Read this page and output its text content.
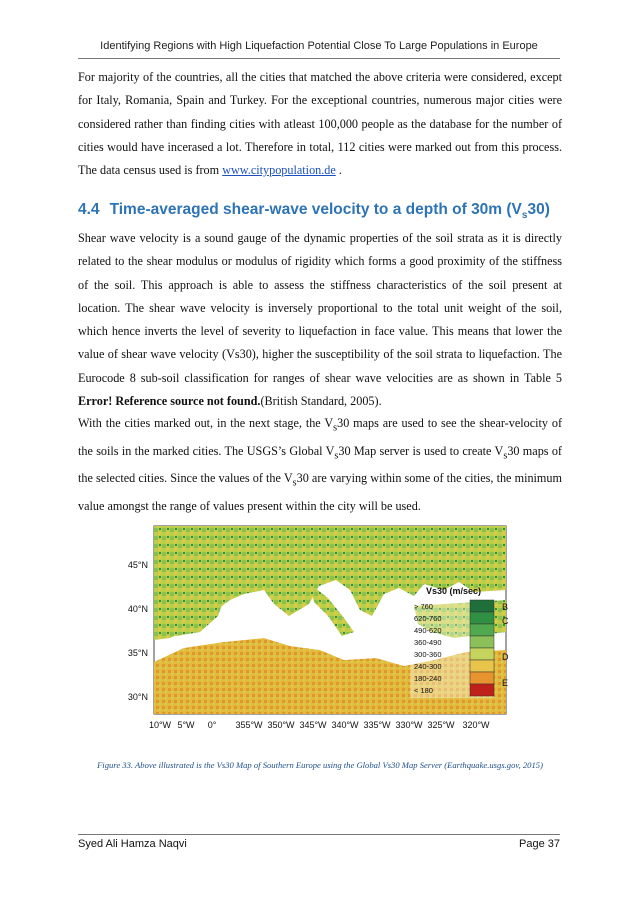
Identifying Regions with High Liquefaction Potential Close To Large Populations in Europe

For majority of the countries, all the cities that matched the above criteria were considered, except for Italy, Romania, Spain and Turkey. For the exceptional countries, numerous major cities were considered rather than finding cities with atleast 100,000 people as the database for the number of cities would have incerased a lot. Therefore in total, 112 cities were marked out from this process. The data census used is from www.citypopulation.de .

4.4 Time-averaged shear-wave velocity to a depth of 30m $(V_s30)$

Shear wave velocity is a sound gauge of the dynamic properties of the soil strata as it is directly related to the shear modulus or modulus of rigidity which forms a good proximity of the stiffness of the soil. This approach is able to assess the stiffness characteristics of the soil present at location. The shear wave velocity is inversely proportional to the total unit weight of the soil, which hence inverts the level of severity to liquefaction in face value. This means that lower the value of shear wave velocity (Vs30), higher the susceptibility of the soil strata to liquefaction. The Eurocode 8 sub-soil classification for ranges of shear wave velocities are as shown in Table 5 Error! Reference source not found.(British Standard, 2005).

With the cities marked out, in the next stage, the $V_s30$ maps are used to see the shear-velocity of the soils in the marked cities. The USGS’s Global $V_s30$ Map server is used to create $V_s30$ maps of the selected cities. Since the values of the $V_s30$ are varying within some of the cities, the minimum value amongst the range of values present within the city will be used.

45°N
40°N
35°N
30°N
10°W 5°W 0° 355°W 350°W 345°W 340°W 335°W 330°W 325°W 320°W
Vs30 (m/sec)
> 760
620-760
490-620
360-490
300-360
240-300
180-240
< 180
B
C
D
E
Figure 33. Above illustrated is the Vs30 Map of Southern Europe using the Global Vs30 Map Server (Earthquake.usgs.gov, 2015)
Syed Ali Hamza Naqvi	Page 37
